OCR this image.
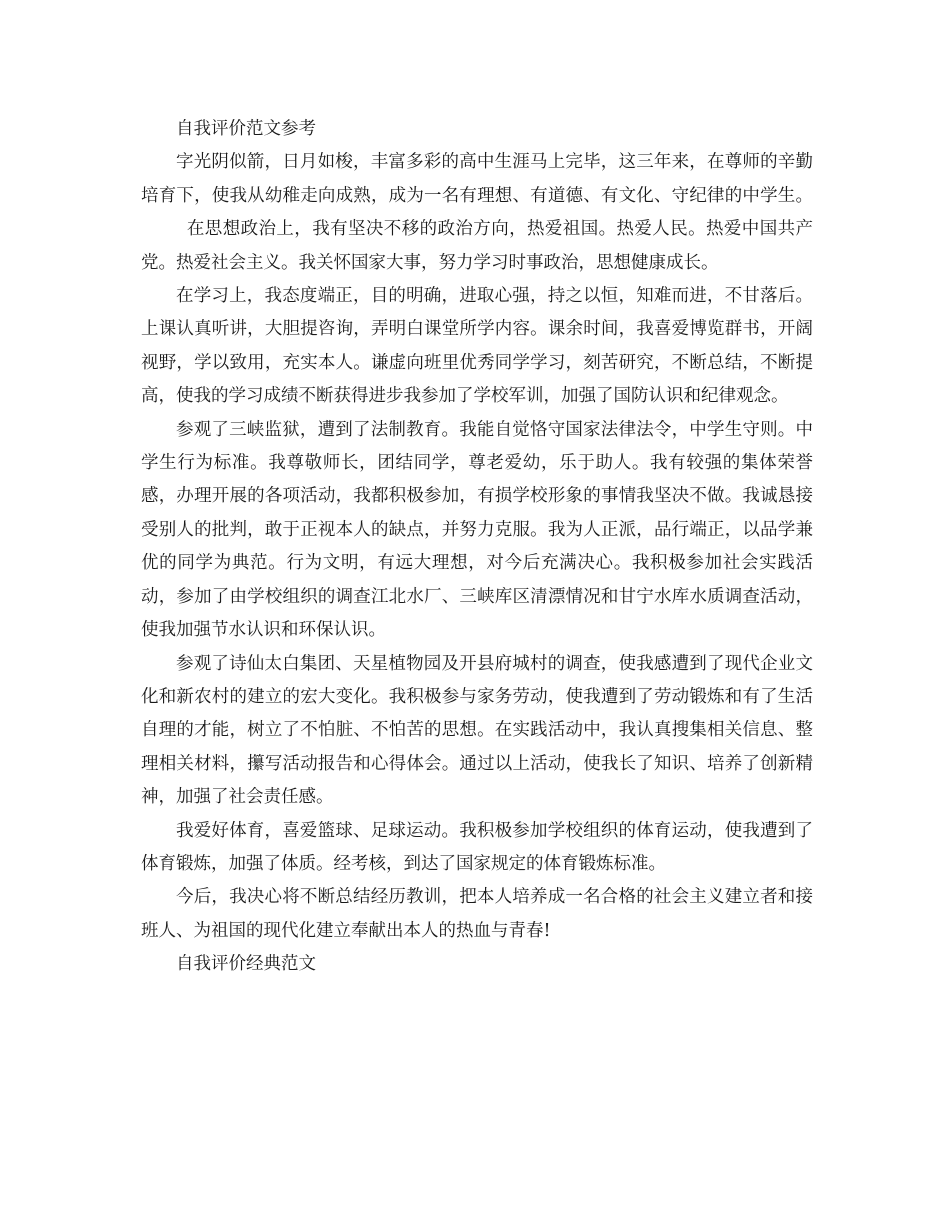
自我评价范文参考

字光阴似箭，日月如梭，丰富多彩的高中生涯马上完毕，这三年来，在尊师的辛勤培育下，使我从幼稚走向成熟，成为一名有理想、有道德、有文化、守纪律的中学生。在思想政治上，我有坚决不移的政治方向，热爱祖国。热爱人民。热爱中国共产党。热爱社会主义。我关怀国家大事，努力学习时事政治，思想健康成长。

在学习上，我态度端正，目的明确，进取心强，持之以恒，知难而进，不甘落后。上课认真听讲，大胆提咨询，弄明白课堂所学内容。课余时间，我喜爱博览群书，开阔视野，学以致用，充实本人。谦虚向班里优秀同学学习，刻苦研究，不断总结，不断提高，使我的学习成绩不断获得进步我参加了学校军训，加强了国防认识和纪律观念。

参观了三峡监狱，遭到了法制教育。我能自觉恪守国家法律法令，中学生守则。中学生行为标准。我尊敬师长，团结同学，尊老爱幼，乐于助人。我有较强的集体荣誉感，办理开展的各项活动，我都积极参加，有损学校形象的事情我坚决不做。我诚恳接受别人的批判，敢于正视本人的缺点，并努力克服。我为人正派，品行端正，以品学兼优的同学为典范。行为文明，有远大理想，对今后充满决心。我积极参加社会实践活动，参加了由学校组织的调查江北水厂、三峡库区清漂情况和甘宁水库水质调查活动，使我加强节水认识和环保认识。

参观了诗仙太白集团、天星植物园及开县府城村的调查，使我感遭到了现代企业文化和新农村的建立的宏大变化。我积极参与家务劳动，使我遭到了劳动锻炼和有了生活自理的才能，树立了不怕脏、不怕苦的思想。在实践活动中，我认真搜集相关信息、整理相关材料，攥写活动报告和心得体会。通过以上活动，使我长了知识、培养了创新精神，加强了社会责任感。

我爱好体育，喜爱篮球、足球运动。我积极参加学校组织的体育运动，使我遭到了体育锻炼，加强了体质。经考核，到达了国家规定的体育锻炼标准。

今后，我决心将不断总结经历教训，把本人培养成一名合格的社会主义建立者和接班人、为祖国的现代化建立奉献出本人的热血与青春!

自我评价经典范文
